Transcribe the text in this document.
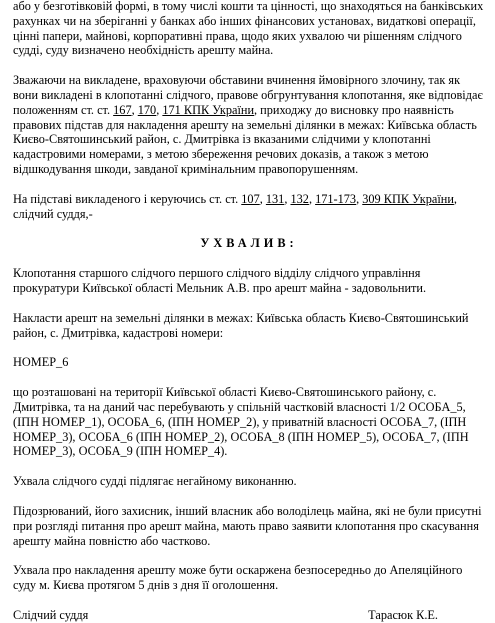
або у безготівковій формі, в тому числі кошти та цінності, що знаходяться на банківських рахунках чи на зберіганні у банках або інших фінансових установах, видаткові операції, цінні папери, майнові, корпоративні права, щодо яких ухвалою чи рішенням слідчого судді, суду визначено необхідність арешту майна.

Зважаючи на викладене, враховуючи обставини вчинення ймовірного злочину, так як вони викладені в клопотанні слідчого, правове обгрунтування клопотання, яке відповідає положенням ст. ст. 167, 170, 171 КПК України, приходжу до висновку про наявність правових підстав для накладення арешту на земельні ділянки в межах: Київська область Києво-Святошинський район, с. Дмитрівка із вказаними слідчими у клопотанні кадастровими номерами, з метою збереження речових доказів, а також з метою відшкодування шкоди, завданої кримінальним правопорушенням.

На підставі викладеного і керуючись ст. ст. 107, 131, 132, 171-173, 309 КПК України, слідчий суддя,-

УХВАЛИВ:

Клопотання старшого слідчого першого слідчого відділу слідчого управління прокуратури Київської області Мельник А.В. про арешт майна - задовольнити.

Накласти арешт на земельні ділянки в межах: Київська область Києво-Святошинський район, с. Дмитрівка, кадастрові номери:

НОМЕР_6

що розташовані на території Київської області Києво-Святошинського району, с. Дмитрівка, та на даний час перебувають у спільній частковій власності 1/2 ОСОБА_5, (ІПН НОМЕР_1), ОСОБА_6, (ІПН НОМЕР_2), у приватній власності ОСОБА_7, (ІПН НОМЕР_3), ОСОБА_6 (ІПН НОМЕР_2), ОСОБА_8 (ІПН НОМЕР_5), ОСОБА_7, (ІПН НОМЕР_3), ОСОБА_9 (ІПН НОМЕР_4).

Ухвала слідчого судді підлягає негайному виконанню.

Підозрюваний, його захисник, інший власник або володілець майна, які не були присутні при розгляді питання про арешт майна, мають право заявити клопотання про скасування арешту майна повністю або частково.

Ухвала про накладення арешту може бути оскаржена безпосередньо до Апеляційного суду м. Києва протягом 5 днів з дня її оголошення.

Слідчий суддя	Тарасюк К.Е.
